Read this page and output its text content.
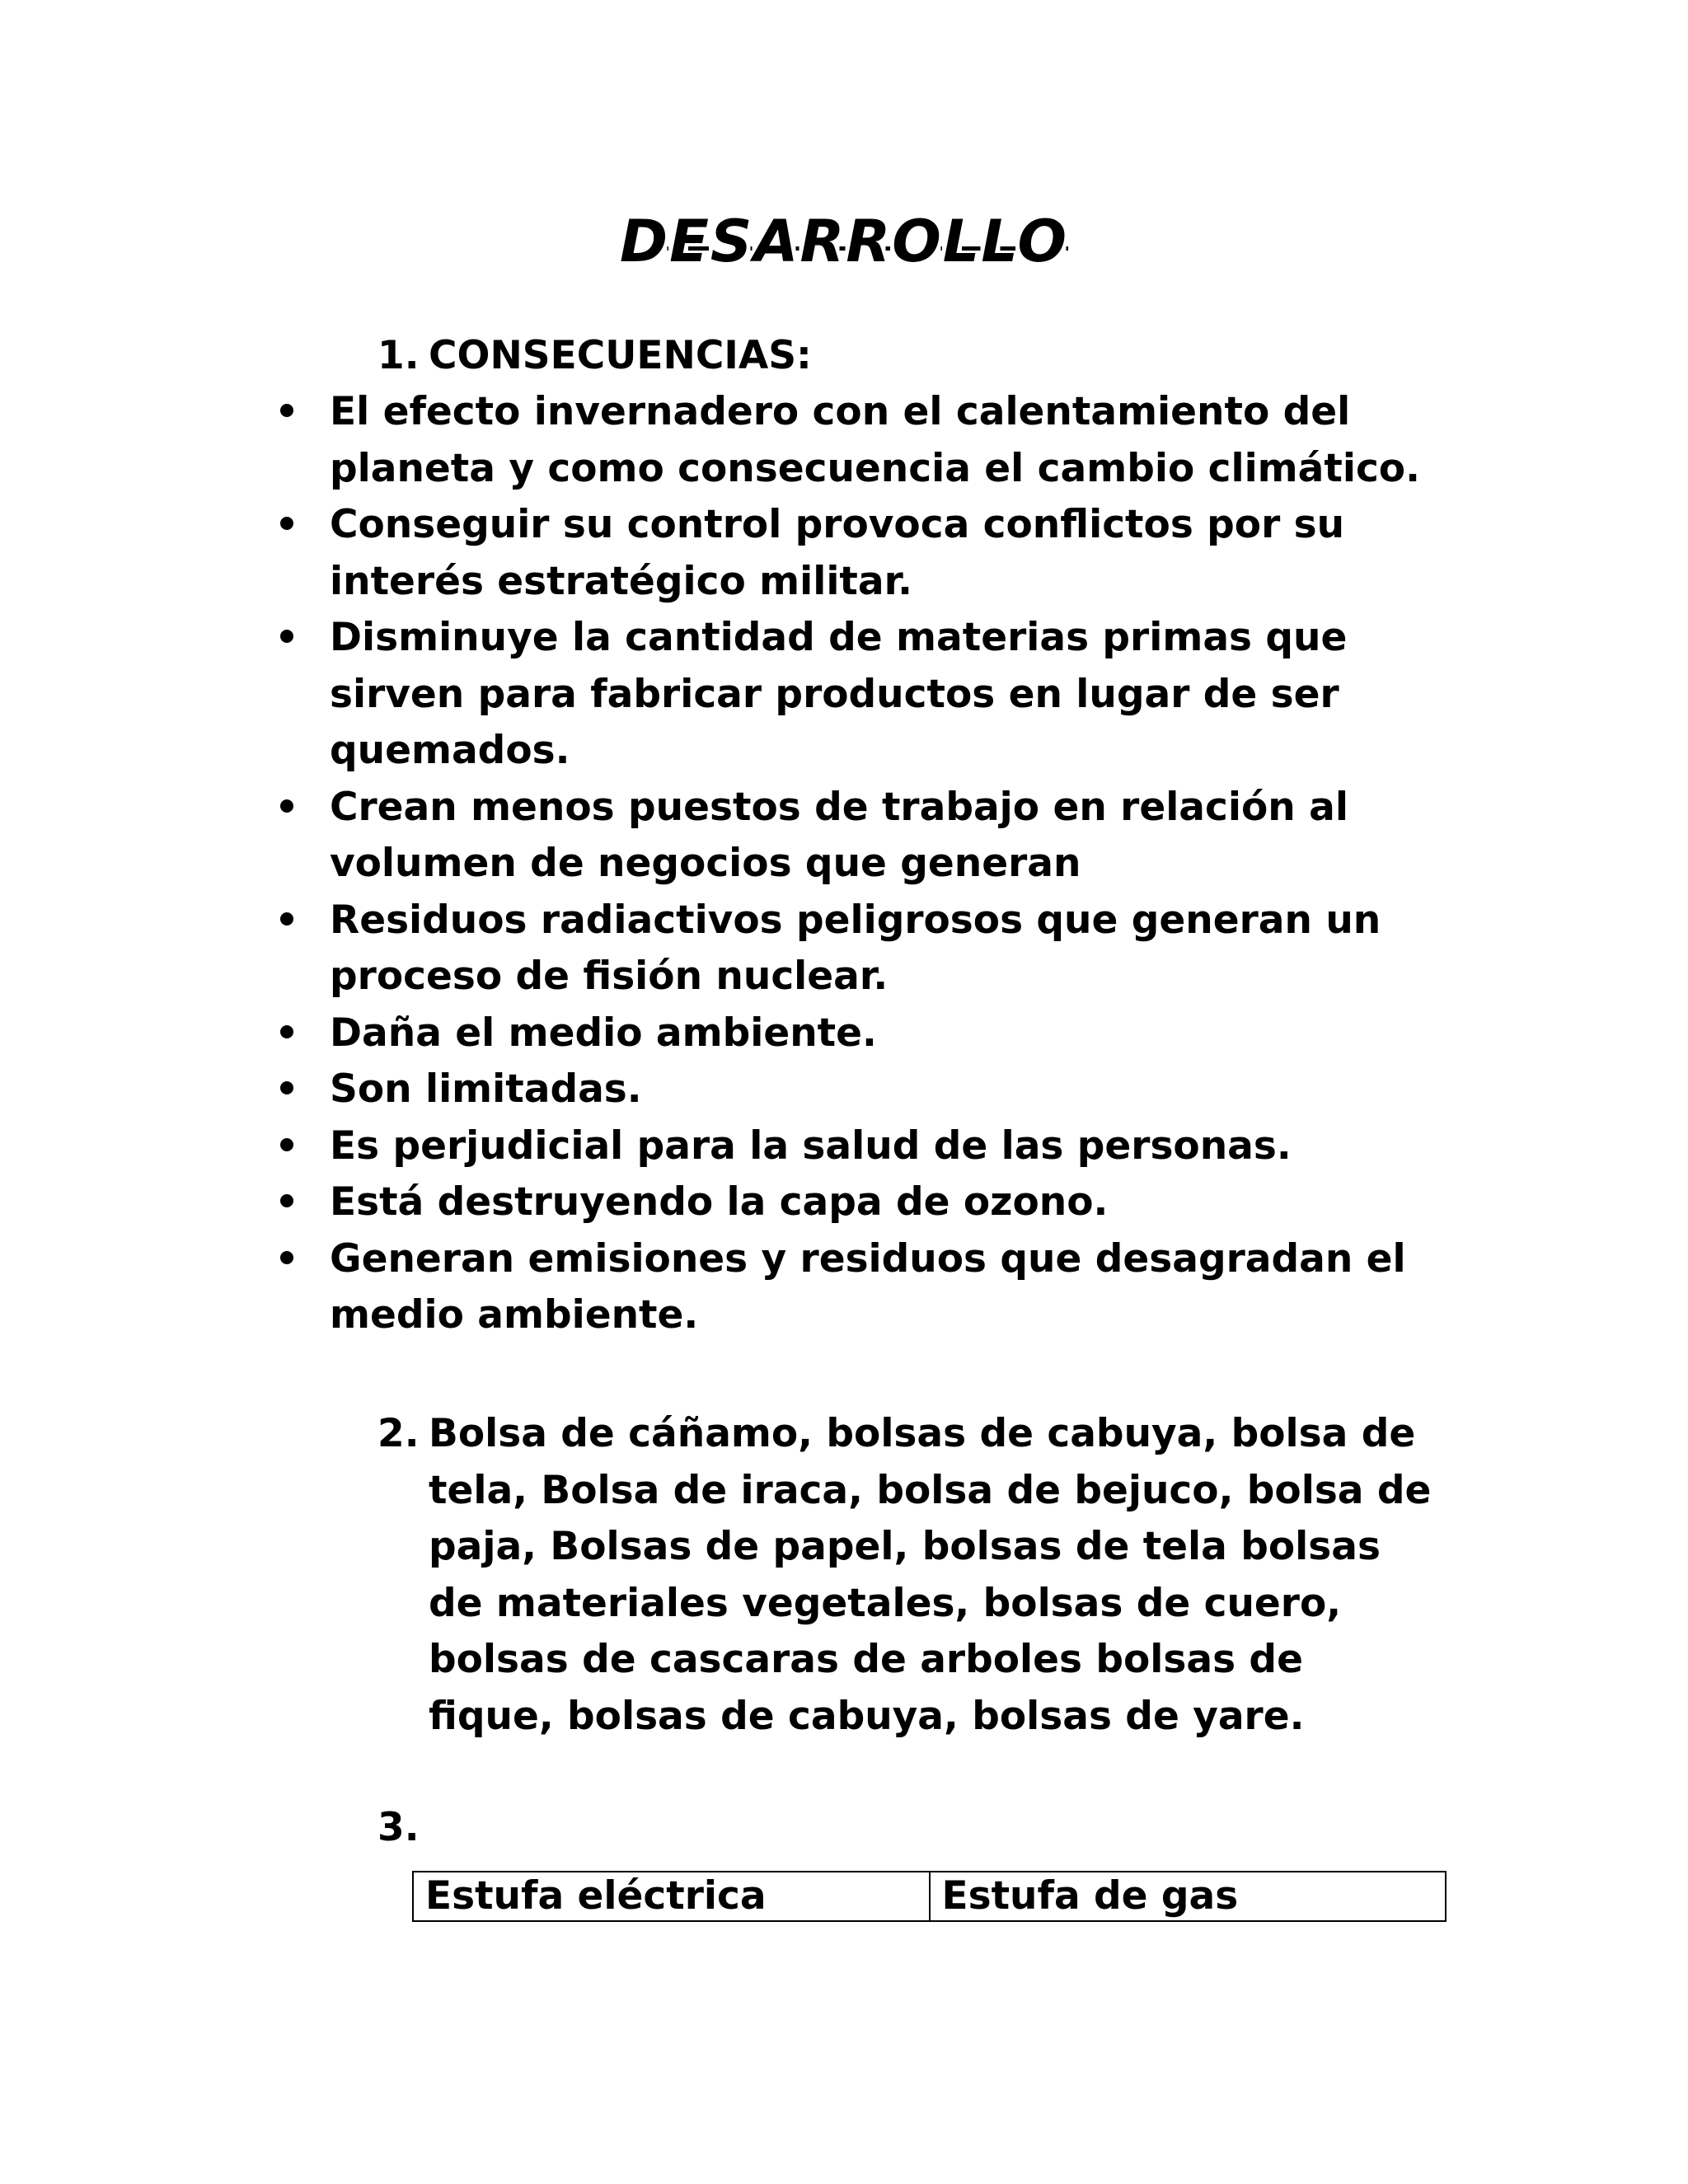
DESARROLLO
1. CONSECUENCIAS:
El efecto invernadero con el calentamiento del planeta y como consecuencia el cambio climático.
Conseguir su control provoca conflictos por su interés estratégico militar.
Disminuye la cantidad de materias primas que sirven para fabricar productos en lugar de ser quemados.
Crean menos puestos de trabajo en relación al volumen de negocios que generan
Residuos radiactivos peligrosos que generan un proceso de fisión nuclear.
Daña el medio ambiente.
Son limitadas.
Es perjudicial para la salud de las personas.
Está destruyendo la capa de ozono.
Generan emisiones y residuos que desagradan el medio ambiente.
2. Bolsa de cáñamo, bolsas de cabuya, bolsa de tela, Bolsa de iraca, bolsa de bejuco, bolsa de paja, Bolsas de papel, bolsas de tela bolsas de materiales vegetales, bolsas de cuero, bolsas de cascaras de arboles bolsas de fique, bolsas de cabuya, bolsas de yare.
3.
Estufa eléctrica	Estufa de gas
